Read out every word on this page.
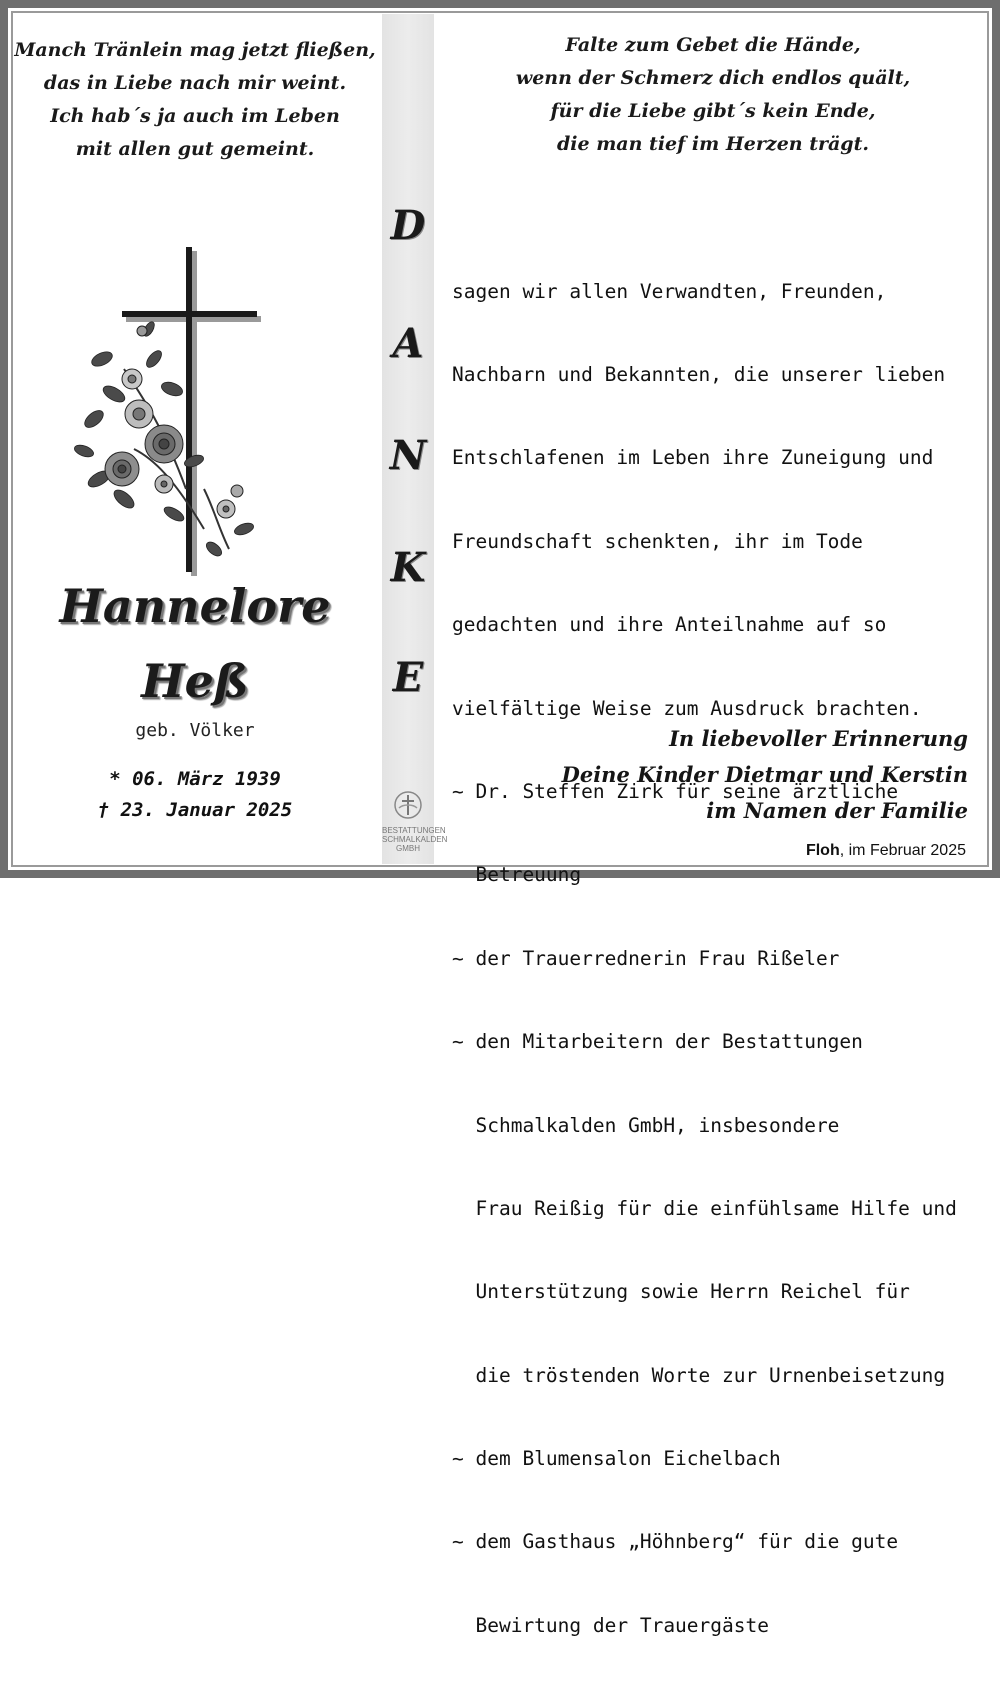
Manch Tränlein mag jetzt fließen,
das in Liebe nach mir weint.
Ich hab´s ja auch im Leben
mit allen gut gemeint.
Hannelore
Heß
geb. Völker
* 06. März 1939
† 23. Januar 2025
D
A
N
K
E
BESTATTUNGEN
SCHMALKALDEN
GMBH
Falte zum Gebet die Hände,
wenn der Schmerz dich endlos quält,
für die Liebe gibt´s kein Ende,
die man tief im Herzen trägt.

sagen wir allen Verwandten, Freunden,

Nachbarn und Bekannten, die unserer lieben

Entschlafenen im Leben ihre Zuneigung und

Freundschaft schenkten, ihr im Tode

gedachten und ihre Anteilnahme auf so

vielfältige Weise zum Ausdruck brachten.

~ Dr. Steffen Zirk für seine ärztliche

Betreuung

~ der Trauerrednerin Frau Rißeler

~ den Mitarbeitern der Bestattungen

Schmalkalden GmbH, insbesondere

Frau Reißig für die einfühlsame Hilfe und

Unterstützung sowie Herrn Reichel für

die tröstenden Worte zur Urnenbeisetzung

~ dem Blumensalon Eichelbach

~ dem Gasthaus „Höhnberg“ für die gute

Bewirtung der Trauergäste

In liebevoller Erinnerung
Deine Kinder Dietmar und Kerstin
im Namen der Familie
Floh, im Februar 2025
